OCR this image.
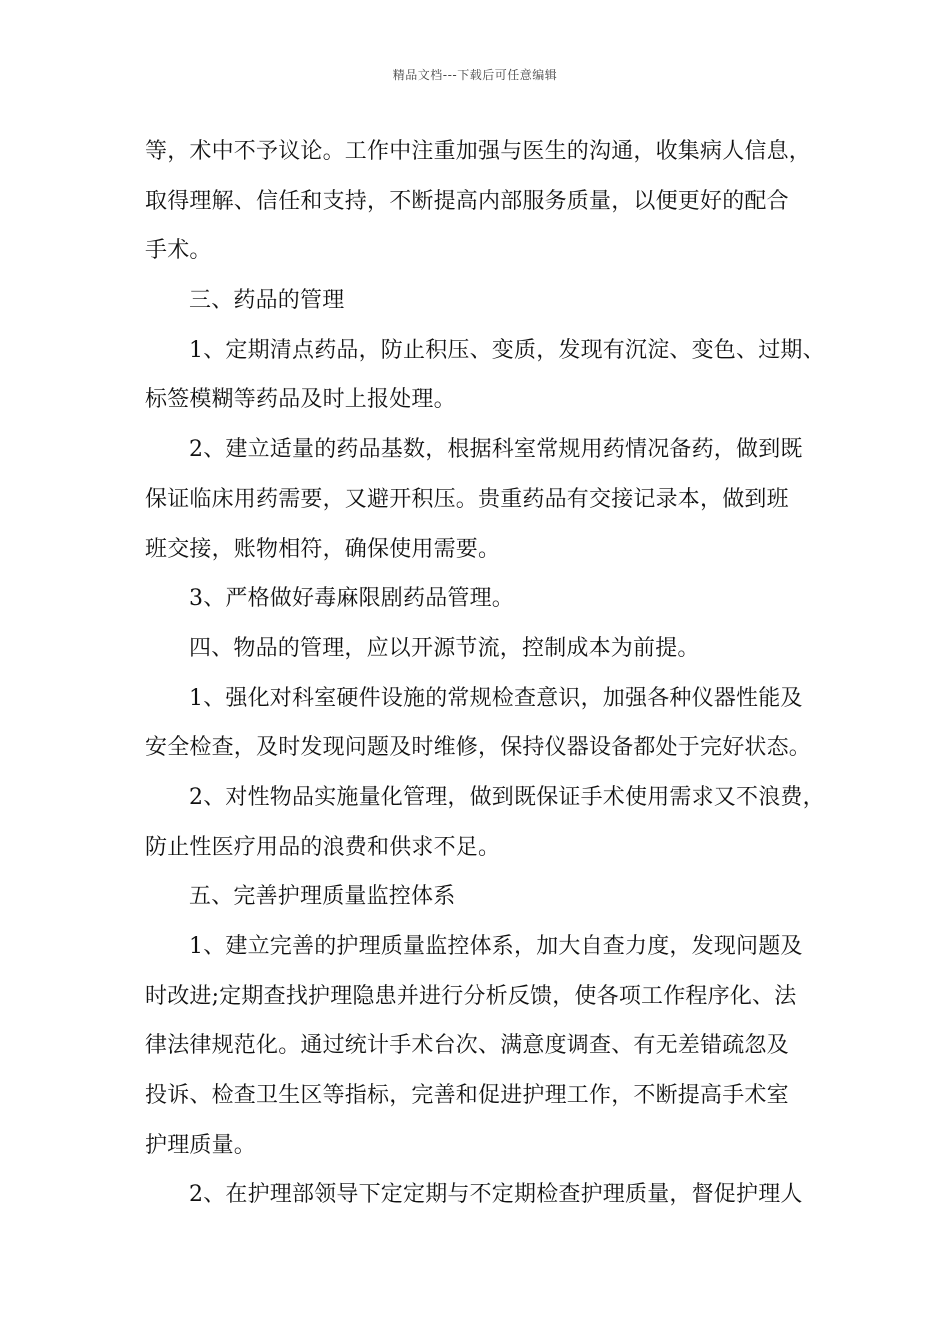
精品文档---下载后可任意编辑
等，术中不予议论。工作中注重加强与医生的沟通，收集病人信息，
取得理解、信任和支持，不断提高内部服务质量，以便更好的配合
手术。
三、药品的管理
1、定期清点药品，防止积压、变质，发现有沉淀、变色、过期、
标签模糊等药品及时上报处理。
2、建立适量的药品基数，根据科室常规用药情况备药，做到既
保证临床用药需要，又避开积压。贵重药品有交接记录本，做到班
班交接，账物相符，确保使用需要。
3、严格做好毒麻限剧药品管理。
四、物品的管理，应以开源节流，控制成本为前提。
1、强化对科室硬件设施的常规检查意识，加强各种仪器性能及
安全检查，及时发现问题及时维修，保持仪器设备都处于完好状态。
2、对性物品实施量化管理，做到既保证手术使用需求又不浪费，
防止性医疗用品的浪费和供求不足。
五、完善护理质量监控体系
1、建立完善的护理质量监控体系，加大自查力度，发现问题及
时改进;定期查找护理隐患并进行分析反馈，使各项工作程序化、法
律法律规范化。通过统计手术台次、满意度调查、有无差错疏忽及
投诉、检查卫生区等指标，完善和促进护理工作，不断提高手术室
护理质量。
2、在护理部领导下定定期与不定期检查护理质量，督促护理人
